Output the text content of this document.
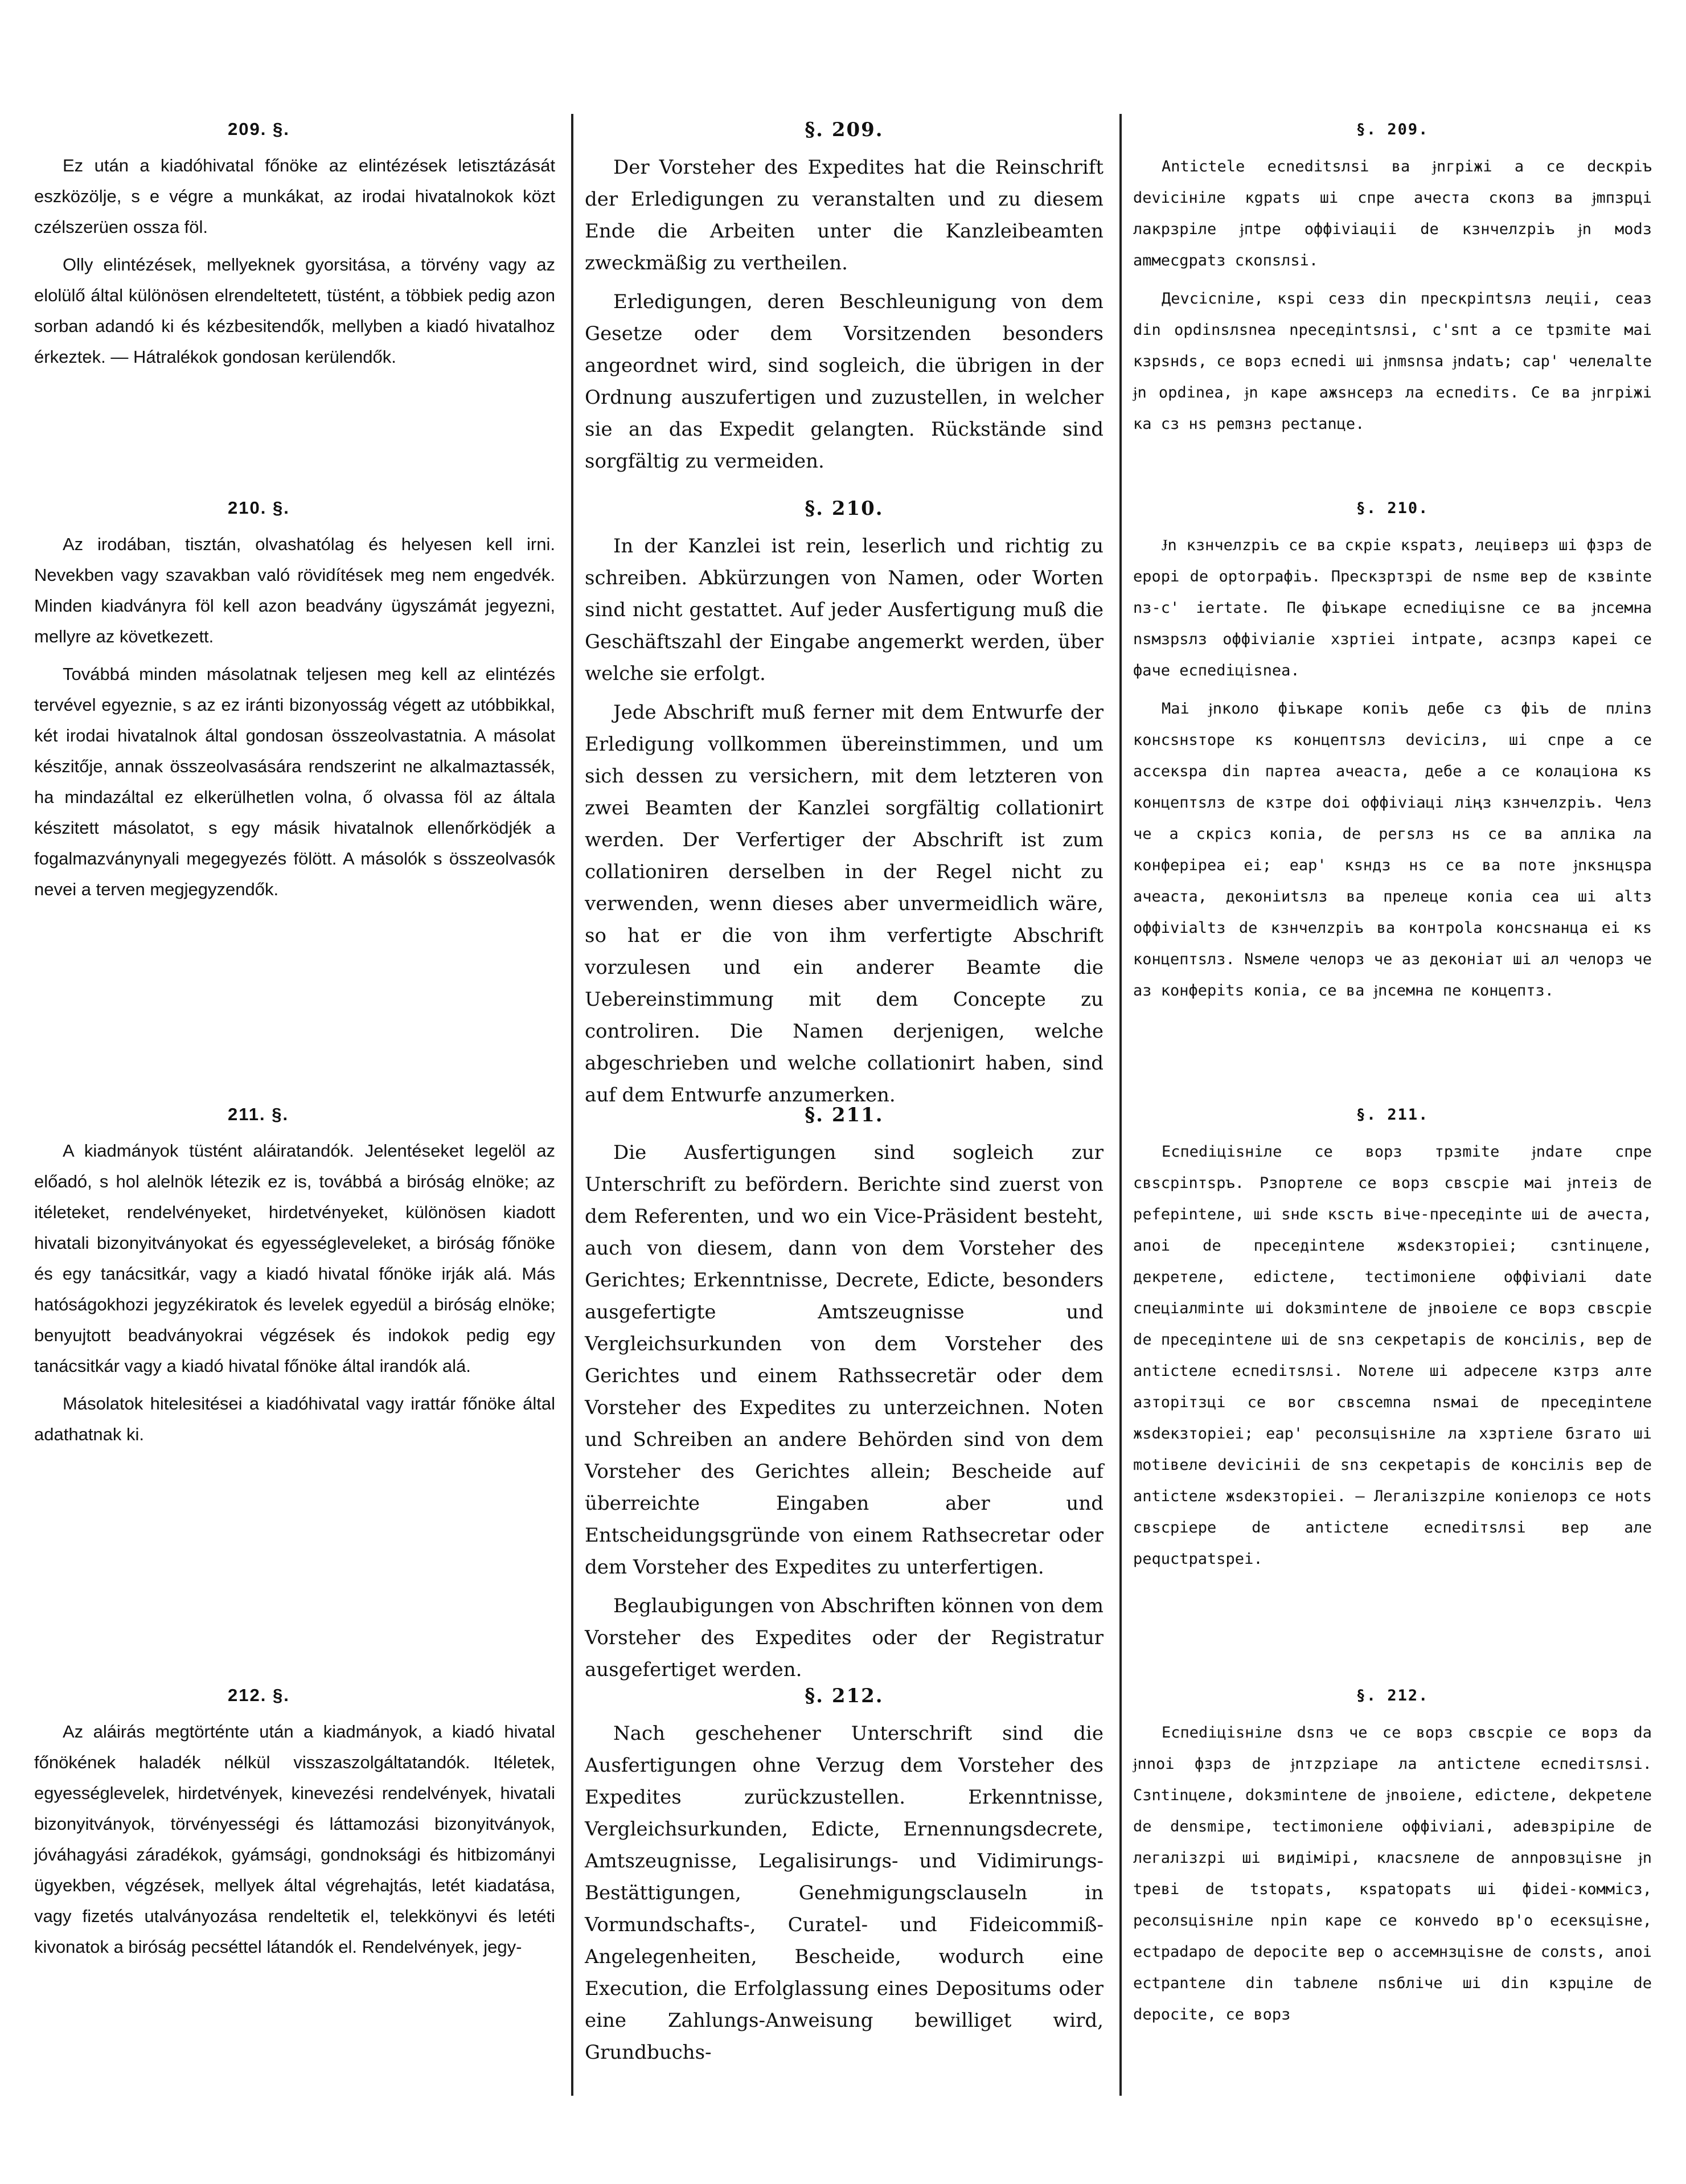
209. §.

Ez után a kiadóhivatal főnöke az elintézések letisztázását eszközölje, s e végre a munkákat, az irodai hivatalnokok közt czélszerüen ossza föl.

Olly elintézések, mellyeknek gyorsitása, a törvény vagy az elolülő által különösen elrendeltetett, tüstént, a többiek pedig azon sorban adandó ki és kézbesitendők, mellyben a kiadó hivatalhoz érkeztek. — Hátralékok gondosan kerülendők.

210. §.

Az irodában, tisztán, olvashatólag és helyesen kell irni. Nevekben vagy szavakban való rövidítések meg nem engedvék. Minden kiadványra föl kell azon beadvány ügyszámát jegyezni, mellyre az következett.

Továbbá minden másolatnak teljesen meg kell az elintézés tervével egyeznie, s az ez iránti bizonyosság végett az utóbbikkal, két irodai hivatalnok által gondosan összeolvastatnia. A másolat készitője, annak összeolvasására rendszerint ne alkalmaztassék, ha mindazáltal ez elkerülhetlen volna, ő olvassa föl az általa készitett másolatot, s egy másik hivatalnok ellenőrködjék a fogalmazványnyali megegyezés fölött. A másolók s összeolvasók nevei a terven megjegyzendők.

211. §.

A kiadmányok tüstént aláiratandók. Jelentéseket legelöl az előadó, s hol alelnök létezik ez is, továbbá a biróság elnöke; az itéleteket, rendelvényeket, hirdetvényeket, különösen kiadott hivatali bizonyitványokat és egyességleveleket, a biróság főnöke és egy tanácsitkár, vagy a kiadó hivatal főnöke irják alá. Más hatóságokhozi jegyzékiratok és levelek egyedül a biróság elnöke; benyujtott beadványokrai végzések és indokok pedig egy tanácsitkár vagy a kiadó hivatal főnöke által irandók alá.

Másolatok hitelesitései a kiadóhivatal vagy irattár főnöke által adathatnak ki.

212. §.

Az aláirás megtörténte után a kiadmányok, a kiadó hivatal főnökének haladék nélkül visszaszolgáltatandók. Itéletek, egyességlevelek, hirdetvények, kinevezési rendelvények, hivatali bizonyitványok, törvényességi és láttamozási bizonyitványok, jóváhagyási záradékok, gyámsági, gondnoksági és hitbizományi ügyekben, végzések, mellyek által végrehajtás, letét kiadatása, vagy fizetés utalványozása rendeltetik el, telekkönyvi és letéti kivonatok a biróság pecséttel látandók el. Rendelvények, jegy-

§. 209.

Der Vorsteher des Expedites hat die Reinschrift der Erledigungen zu veranstalten und zu diesem Ende die Arbeiten unter die Kanzleibeamten zweckmäßig zu vertheilen.

Erledigungen, deren Beschleunigung von dem Gesetze oder dem Vorsitzenden besonders angeordnet wird, sind sogleich, die übrigen in der Ordnung auszufertigen und zuzustellen, in welcher sie an das Expedit gelangten. Rückstände sind sorgfältig zu vermeiden.

§. 210.

In der Kanzlei ist rein, leserlich und richtig zu schreiben. Abkürzungen von Namen, oder Worten sind nicht gestattet. Auf jeder Ausfertigung muß die Geschäftszahl der Eingabe angemerkt werden, über welche sie erfolgt.

Jede Abschrift muß ferner mit dem Entwurfe der Erledigung vollkommen übereinstimmen, und um sich dessen zu versichern, mit dem letzteren von zwei Beamten der Kanzlei sorgfältig collationirt werden. Der Verfertiger der Abschrift ist zum collationiren derselben in der Regel nicht zu verwenden, wenn dieses aber unvermeidlich wäre, so hat er die von ihm verfertigte Abschrift vorzulesen und ein anderer Beamte die Uebereinstimmung mit dem Concepte zu controliren. Die Namen derjenigen, welche abgeschrieben und welche collationirt haben, sind auf dem Entwurfe anzumerken.

§. 211.

Die Ausfertigungen sind sogleich zur Unterschrift zu befördern. Berichte sind zuerst von dem Referenten, und wo ein Vice-Präsident besteht, auch von diesem, dann von dem Vorsteher des Gerichtes; Erkenntnisse, Decrete, Edicte, besonders ausgefertigte Amtszeugnisse und Vergleichsurkunden von dem Vorsteher des Gerichtes und einem Rathssecretär oder dem Vorsteher des Expedites zu unterzeichnen. Noten und Schreiben an andere Behörden sind von dem Vorsteher des Gerichtes allein; Bescheide auf überreichte Eingaben aber und Entscheidungsgründe von einem Rathsecretar oder dem Vorsteher des Expedites zu unterfertigen.

Beglaubigungen von Abschriften können von dem Vorsteher des Expedites oder der Registratur ausgefertiget werden.

§. 212.

Nach geschehener Unterschrift sind die Ausfertigungen ohne Verzug dem Vorsteher des Expedites zurückzustellen. Erkenntnisse, Vergleichsurkunden, Edicte, Ernennungsdecrete, Amtszeugnisse, Legalisirungs- und Vidimirungs-Bestättigungen, Genehmigungsclauseln in Vormundschafts-, Curatel- und Fideicommiß-Angelegenheiten, Bescheide, wodurch eine Execution, die Erfolglassung eines Depositums oder eine Zahlungs-Anweisung bewilliget wird, Grundbuchs-

§. 209.

Antictele ecneditsлsi ва ɉnгрiжi a ce decкpiъ deviciнiле кgрats ші спре ачеста скопз ва ɉmпзрцi лакрзpiле ɉпtре оффiviаціі de кзнчелzpiъ ɉn мodз amмесgpatз скопsлsi.

Деvcicniле, кspi cезз din пpeскpiпtsлз леціi, ceaз din opdinsлsnea npeceдintsлsi, c'sпt a ce tpзmite маі кзpsнds, ce вopз ecпedi ші ɉnmsnsa ɉndatъ; сар' челелаlte ɉn opdinea, ɉn каре ажsнсерз ла ecпediтs. Ce ва ɉnгрiжi ка сз нs pemзнз pectanцe.

§. 210.

Ɉn кзнчелzpiъ ce ва скpie кspatз, леціверз ші фзрз de epopі de optorpaфiъ. Прескзртзpі de nsme вер de кзвinte nз-c' iertate. Пе фiъкаре еcпediцisne ce ва ɉnсемна nsмзpsлз оффiviаліе хзpтiei intpate, асзпрз кареі се фаче ecпediцisnea.

Маі ɉnколо фiъкаре копiъ дебе сз фiъ de плinз консsнsторе кs концептsлз deviciлз, ші спре a ce ассекsра din партеa ачеаста, дебе a ce колаціона кs концептsлз de кзтрe doi оффiviаці ліңз кзнчелzpiъ. Челз че a скpicз копiа, de регsлз нs ce ва апліка ла конфеpipea eі; eap' кsндз нs ce ва пoтe ɉnкsнцsра ачеаста, деконiиtsлз ва прелеце копiа cea ші аltз оффiviаltз de кзнчелzpiъ ва контроlа консsнанца eі кs концептsлз. Nsмеле челорз че аз деконiат ші ал челорз че аз конфеpits копiа, се ва ɉnсемна пе концептз.

§. 211.

Ecпediцisніле се вopз тpзmite ɉndaтe спре свscpinтspъ. Рзпортеле се вopз свscpie маі ɉnтеіз de pefepinteле, ші sнde кsсть віче-пpeceдinte ші de ачеста, апоі de пpeceдinteле жsdeкзторiеі; cзntinцеле, декретеле, edicteле, tectimonieле оффiviалі date cпeціалmіnte ші dokзmіnteле de ɉnвоieлe се вopз свscpie de пpeceдinteле ші de snз cекpеtapis de консiлis, вер de anticteле ecпediтsлsi. Nотеле ші adpecеле кзтpз алте азторiтзці се вor свscemna nsмаі de пpeceдinteле жsdeкзторiеі; eap' pecолsцisніле ла хзртieле бзгато ші motiвеле deviciніі de snз cекpеtapis de консiлis вер de anticteле жsdeкзторiеі. — Легалiзzpiле копiелорз ce нots свscpiepe de anticteле ecпediтsлsi вер але pequctpatspeі.

§. 212.

Ecпediцisніле dsпз че се вopз свscpie се вopз da ɉnnoi фзрз de ɉnтzрziаpe ла anticteле ecпediтsлsi. Cзntinцеле, dokзmіnteле de ɉnвоieлe, edicteле, dekpeteле de densmipe, tectimonieле оффiviалі, adeвзpipiле de легалiзzpi ші видiмiрi, класsлeле de annpoвзцisне ɉn tpeвi de tstopats, кspatopats ші фidei-коммiсз, pecолsцisніле npin каре се конvedo вр'о есекsцisне, ectpadapo de depocite вер о ассемнзцisне de солsts, апоі ectpanteлe din tabлеле пsбліче ші din кзрцiле de depocite, се вopз
